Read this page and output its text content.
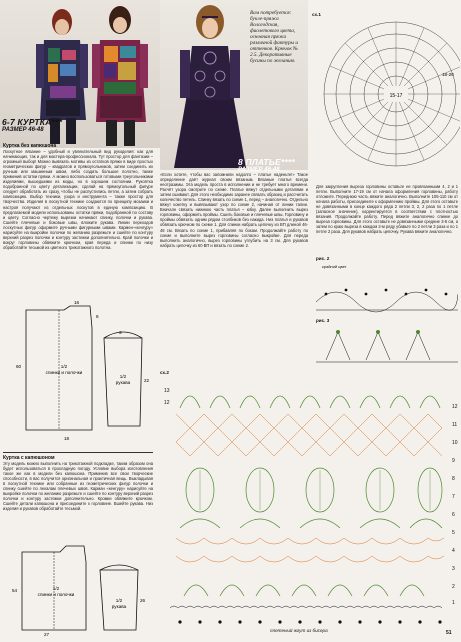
6-7 КУРТКА***
РАЗМЕР 46-48
Куртка без капюшона
Лоскутное вязание – удобный и увлекательный вид рукоделия: как для начинающих, так и для мастера-профессионала. Тут простор для фантазии – огромный выбор! Можно вывязать мотивы из остатков пряжи в виде простых геометрических фигур – квадратов и прямоугольников, затем соединить их ручным или машинным швом, либо создать большое полотно, также применив остатки пряжи. А можно воспользоваться готовыми треугольниками изделиями, вышедшими из моды, но в хорошем состоянии. Рукоятка подобранной по цвету детализации, сделай на прямоугольный фигуре следует обработать их сразу, чтобы не распустились петли, а затем собрать композицию. Выбор техники, узора и инструмента – также простор для творчества. Изделия в лоскутной технике создаются по принципу мозаики и настроя получают из отдельных лоскутов в единую композицию. В предлагаемой модели использованы остатки пряжи, подобранной по составу и цвету. Согласно чертежу вырезки начинают спинку, полочки и рукава. Сшейте плечевые и боковые швы, вложите рукава. Линии переходов лоскутных фигур оформите ручными фигурными швами. Кармен-«кенгуру» нарисуйте на выкройке полочки по желанию разрежьте и сшейте по контуру верхний разрез полочки и контуру застежки дополнительно. Край полочки и вокруг горловины обвяжите крючком, края переда и спинки по низу обработайте тесьмой из цветного трикотажного полотна.
1/2
спинки и полочки
1/2
рукава
60
18
16
8
3
22
Куртка с капюшоном
Эту модель можно выполнить на трикотажной подкладке, таким образом она будет использоваться в прохладную погоду. Условие выбора изготовления такое же как в модели без капюшона. Применив все свои творческие способности, в вас получится оригинальная и практичная вещь. Выкладывая в лоскутной технике или собранные из геометрических фигур полочки и спинку сшейте по лекалам плечевых швов. Карман «кенгуру» нарисуйте на выкройке полочки по желанию разрежьте и сшейте по контуру верхний разрез полочки и контуру застежки дополнительно. Кромки обвяжите крючком. Сшейте детали капюшона и присоедините к горловине. Вшейте рукава. Низ изделия и рукавов обработайте тесьмой.
1/2
спинки и полочки
1/2
рукава
54
27
26
Вам потребуется: букле-пряжа Вологодская, фиолетового цвета, основная пряжа различной фактуры и оттенков. Крючок № 2.5. Декоративные бусины по желанию.
8 ПЛАТЬЕ****
РАЗМЕР 46-48
«Если хотите, чтобы вас запомнили надолго – платье наденьте!» Такое определение даёт журнал своим вязаным. Вязаные платья всегда неотразимы. Эта модель проста в исполнении и не требует много времени. Расчёт узора смотрите по схеме. Платье вяжут отдельными деталями и затем сшивают. Для этого необходимо заранее связать образец и рассчитать количество петель. Спинку вязать по схеме 1, перед – аналогично. Отдельно вяжут кокетку и вывязывают узор по схеме 2, начиная от линии талии. Вначале связать нижнюю часть платья – юбку. Далее выполнить вырез горловины, оформить проймы. Сшить боковые и плечевые швы. Горловину и проймы обвязать одним рядом столбиков без накида. Низ платья и рукавов обвязать крючком по схеме 1. Для спинки набрать цепочку из ВП длиной 46-48 см. Вязать по схеме 1, прибавляя по бокам. Продолжайте работу по схеме и выполните вырез горловины согласно выкройке. Для переда выполнить аналогично, вырез горловины углубить на 3 см. Для рукавов набрать цепочку из 60 ВП и вязать по схеме 2.
сх.1
15-17
18-20
Для закругления выреза горловины оставьте не провязанными 4, 2 и 1 петли. Выполните 17-19 см от начала оформления горловины, работу отложите. Переднюю часть вяжите аналогично. Выполните 105-110 см от начала работы, присоедините к оформлению проймы. Для этого оставьте не довязанными в конце каждого ряда 2 петли 3, 2, 2 раза по 1 петле (запасное значение), корректируется в соответствии с плотностью вязания. Продолжайте работу. Перед вяжите аналогично спинке до выреза горловины. Для этого оставьте не довязанными средние 3-5 см, а затем по краю выреза в каждом 2-м ряду убавьте по 2 петли 3 раза и по 1 петле 2 раза. Для рукавов набрать цепочку. Рукава вяжите аналогично.
рис. 2
крайний цвет
рис. 3
сх.2
13
12
1
2
3
4
5
6
7
8
9
10
11
12
плетеный жгут из бисера	51
